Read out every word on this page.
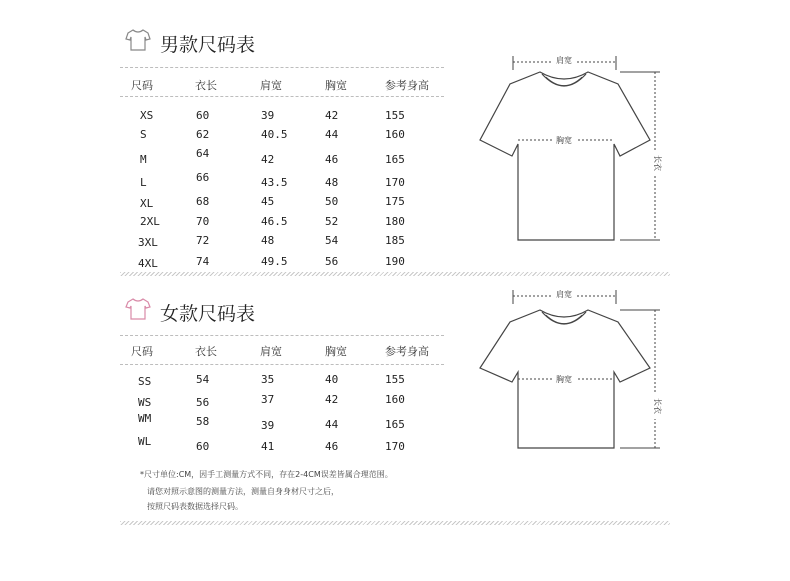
男款尺码表
尺码	衣长	肩宽	胸宽	参考身高
XS	60	39	42	155
S	62	40.5	44	160
M	64	42	46	165
L	66	43.5	48	170
XL	68	45	50	175
2XL	70	46.5	52	180
3XL	72	48	54	185
4XL	74	49.5	56	190
肩宽
胸宽
长衣
女款尺码表
尺码	衣长	肩宽	胸宽	参考身高
SS	54	35	40	155
WS	56	37	42	160
WM	58	39	44	165
WL	60	41	46	170
肩宽
胸宽
长衣
*尺寸单位:CM，因手工测量方式不同，存在2-4CM误差皆属合理范围。
请您对照示意图的测量方法，测量自身身材尺寸之后，
按照尺码表数据选择尺码。
